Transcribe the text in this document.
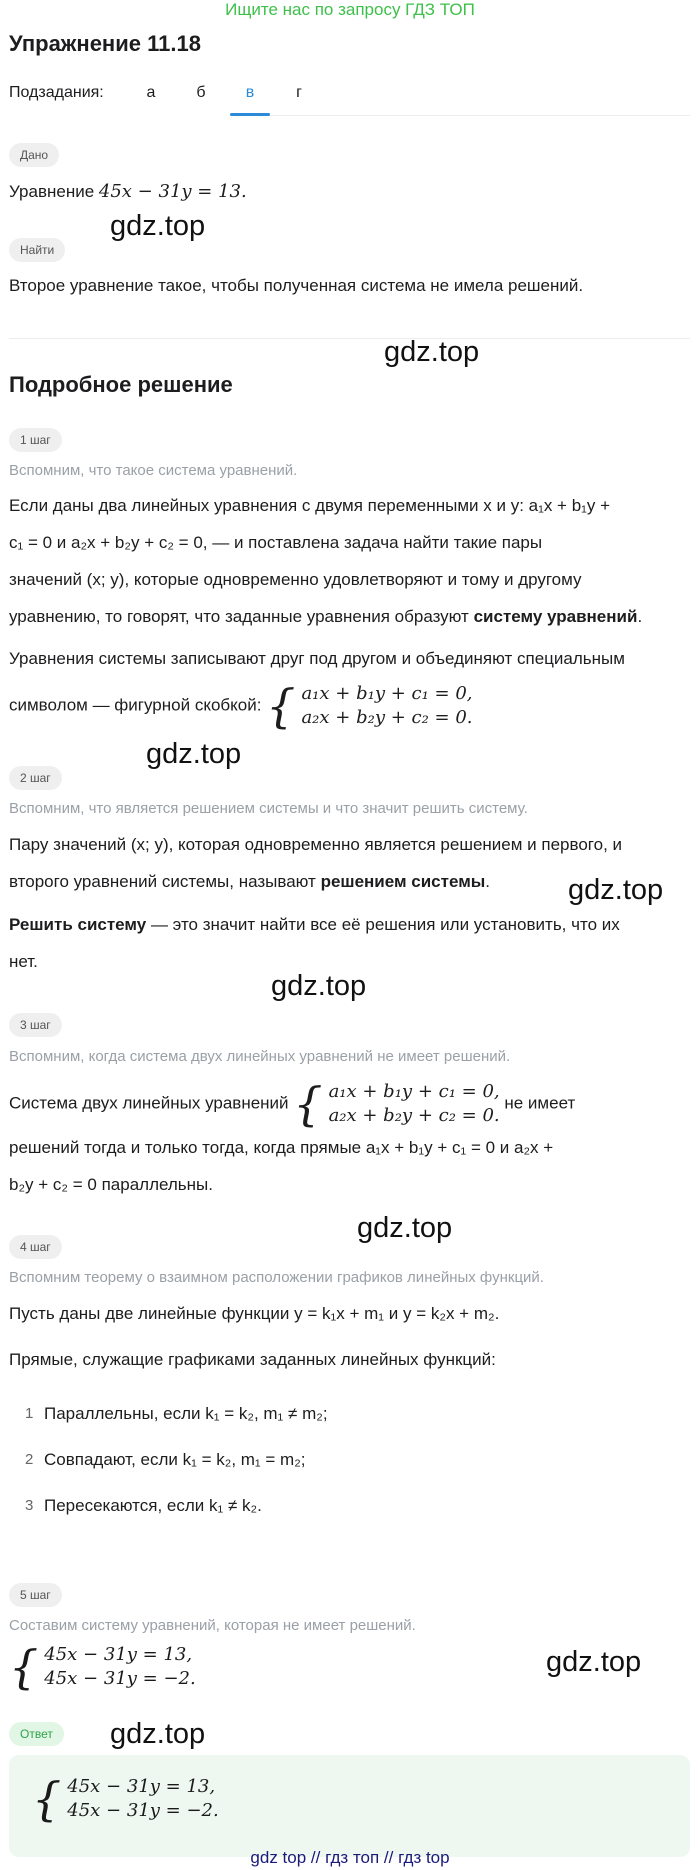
Ищите нас по запросу ГДЗ ТОП
Упражнение 11.18
Подзадания:	а	б	в	г
Дано
Уравнение 45x − 31y = 13.
gdz.top
Найти
Второе уравнение такое, чтобы полученная система не имела решений.
gdz.top
Подробное решение
1 шаг
Вспомним, что такое система уравнений.
Если даны два линейных уравнения с двумя переменными x и y: a₁x + b₁y +
c₁ = 0 и a₂x + b₂y + c₂ = 0, — и поставлена задача найти такие пары
значений (x; y), которые одновременно удовлетворяют и тому и другому
уравнению, то говорят, что заданные уравнения образуют систему уравнений.
Уравнения системы записывают друг под другом и объединяют специальным
символом — фигурной скобкой: { a₁x + b₁y + c₁ = 0,
a₂x + b₂y + c₂ = 0.
gdz.top
2 шаг
Вспомним, что является решением системы и что значит решить систему.
Пару значений (x; y), которая одновременно является решением и первого, и
второго уравнений системы, называют решением системы.	gdz.top
Решить систему — это значит найти все её решения или установить, что их
нет.
gdz.top
3 шаг
Вспомним, когда система двух линейных уравнений не имеет решений.
Система двух линейных уравнений { a₁x + b₁y + c₁ = 0,
a₂x + b₂y + c₂ = 0.
не имеет
решений тогда и только тогда, когда прямые a₁x + b₁y + c₁ = 0 и a₂x +
b₂y + c₂ = 0 параллельны.
gdz.top
4 шаг
Вспомним теорему о взаимном расположении графиков линейных функций.
Пусть даны две линейные функции y = k₁x + m₁ и y = k₂x + m₂.
Прямые, служащие графиками заданных линейных функций:
1 Параллельны, если k₁ = k₂, m₁ ≠ m₂;
2 Совпадают, если k₁ = k₂, m₁ = m₂;
3 Пересекаются, если k₁ ≠ k₂.
5 шаг
Составим систему уравнений, которая не имеет решений.
{ 45x − 31y = 13,
45x − 31y = −2.
gdz.top
Ответ	gdz.top
{ 45x − 31y = 13,
45x − 31y = −2.
gdz top // гдз топ // гдз top
